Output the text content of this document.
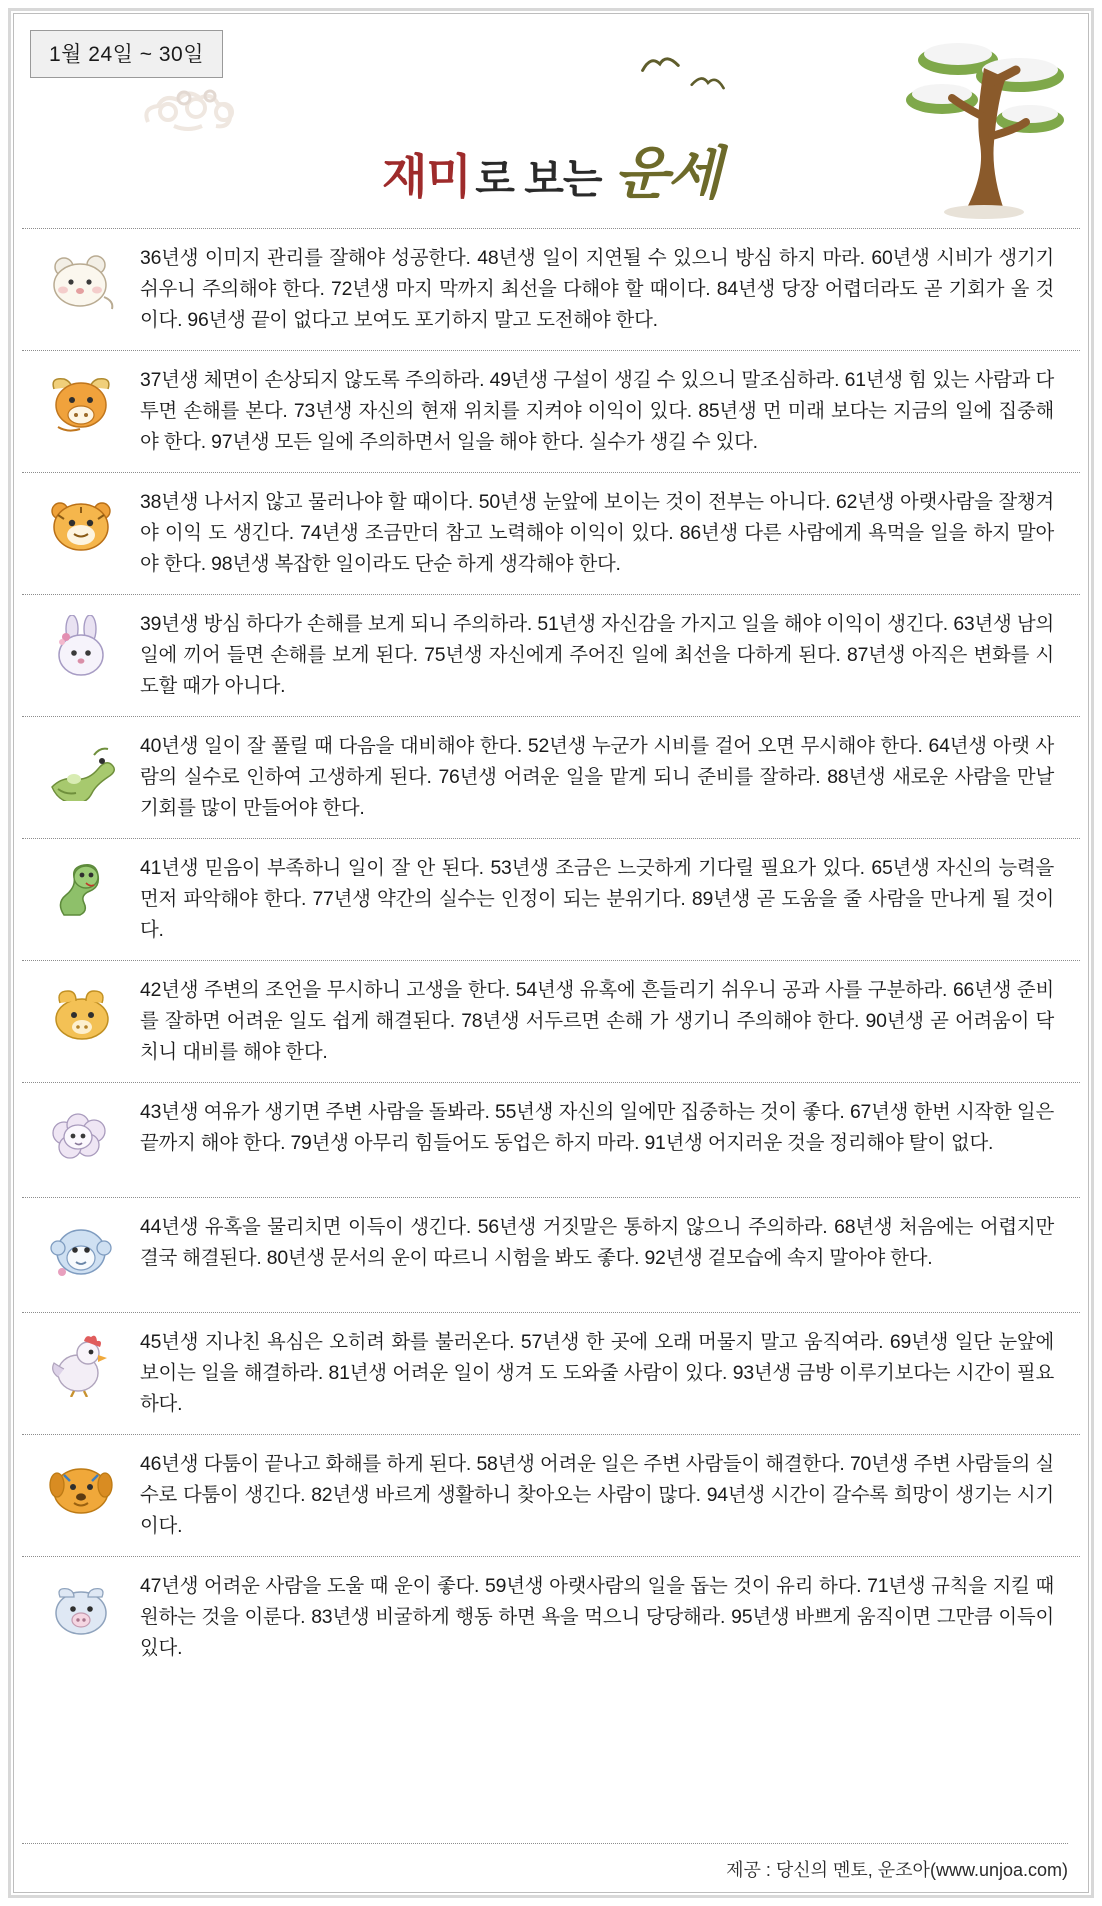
1월 24일 ~ 30일
재미 로 보는 운세
36년생 이미지 관리를 잘해야 성공한다. 48년생 일이 지연될 수 있으니 방심 하지 마라. 60년생 시비가 생기기 쉬우니 주의해야 한다. 72년생 마지 막까지 최선을 다해야 할 때이다. 84년생 당장 어렵더라도 곧 기회가 올 것이다. 96년생 끝이 없다고 보여도 포기하지 말고 도전해야 한다.
37년생 체면이 손상되지 않도록 주의하라. 49년생 구설이 생길 수 있으니 말조심하라. 61년생 힘 있는 사람과 다투면 손해를 본다. 73년생 자신의 현재 위치를 지켜야 이익이 있다. 85년생 먼 미래 보다는 지금의 일에 집중해야 한다. 97년생 모든 일에 주의하면서 일을 해야 한다. 실수가 생길 수 있다.
38년생 나서지 않고 물러나야 할 때이다. 50년생 눈앞에 보이는 것이 전부는 아니다. 62년생 아랫사람을 잘챙겨야 이익 도 생긴다. 74년생 조금만더 참고 노력해야 이익이 있다. 86년생 다른 사람에게 욕먹을 일을 하지 말아야 한다. 98년생 복잡한 일이라도 단순 하게 생각해야 한다.
39년생 방심 하다가 손해를 보게 되니 주의하라. 51년생 자신감을 가지고 일을 해야 이익이 생긴다. 63년생 남의 일에 끼어 들면 손해를 보게 된다. 75년생 자신에게 주어진 일에 최선을 다하게 된다. 87년생 아직은 변화를 시도할 때가 아니다.
40년생 일이 잘 풀릴 때 다음을 대비해야 한다. 52년생 누군가 시비를 걸어 오면 무시해야 한다. 64년생 아랫 사람의 실수로 인하여 고생하게 된다. 76년생 어려운 일을 맡게 되니 준비를 잘하라. 88년생 새로운 사람을 만날 기회를 많이 만들어야 한다.
41년생 믿음이 부족하니 일이 잘 안 된다. 53년생 조금은 느긋하게 기다릴 필요가 있다. 65년생 자신의 능력을 먼저 파악해야 한다. 77년생 약간의 실수는 인정이 되는 분위기다. 89년생 곧 도움을 줄 사람을 만나게 될 것이다.
42년생 주변의 조언을 무시하니 고생을 한다. 54년생 유혹에 흔들리기 쉬우니 공과 사를 구분하라. 66년생 준비를 잘하면 어려운 일도 쉽게 해결된다. 78년생 서두르면 손해 가 생기니 주의해야 한다. 90년생 곧 어려움이 닥치니 대비를 해야 한다.
43년생 여유가 생기면 주변 사람을 돌봐라. 55년생 자신의 일에만 집중하는 것이 좋다. 67년생 한번 시작한 일은 끝까지 해야 한다. 79년생 아무리 힘들어도 동업은 하지 마라. 91년생 어지러운 것을 정리해야 탈이 없다.
44년생 유혹을 물리치면 이득이 생긴다. 56년생 거짓말은 통하지 않으니 주의하라. 68년생 처음에는 어렵지만 결국 해결된다. 80년생 문서의 운이 따르니 시험을 봐도 좋다. 92년생 겉모습에 속지 말아야 한다.
45년생 지나친 욕심은 오히려 화를 불러온다. 57년생 한 곳에 오래 머물지 말고 움직여라. 69년생 일단 눈앞에 보이는 일을 해결하라. 81년생 어려운 일이 생겨 도 도와줄 사람이 있다. 93년생 금방 이루기보다는 시간이 필요 하다.
46년생 다툼이 끝나고 화해를 하게 된다. 58년생 어려운 일은 주변 사람들이 해결한다. 70년생 주변 사람들의 실수로 다툼이 생긴다. 82년생 바르게 생활하니 찾아오는 사람이 많다. 94년생 시간이 갈수록 희망이 생기는 시기이다.
47년생 어려운 사람을 도울 때 운이 좋다. 59년생 아랫사람의 일을 돕는 것이 유리 하다. 71년생 규칙을 지킬 때 원하는 것을 이룬다. 83년생 비굴하게 행동 하면 욕을 먹으니 당당해라. 95년생 바쁘게 움직이면 그만큼 이득이 있다.
제공 : 당신의 멘토, 운조아(www.unjoa.com)
